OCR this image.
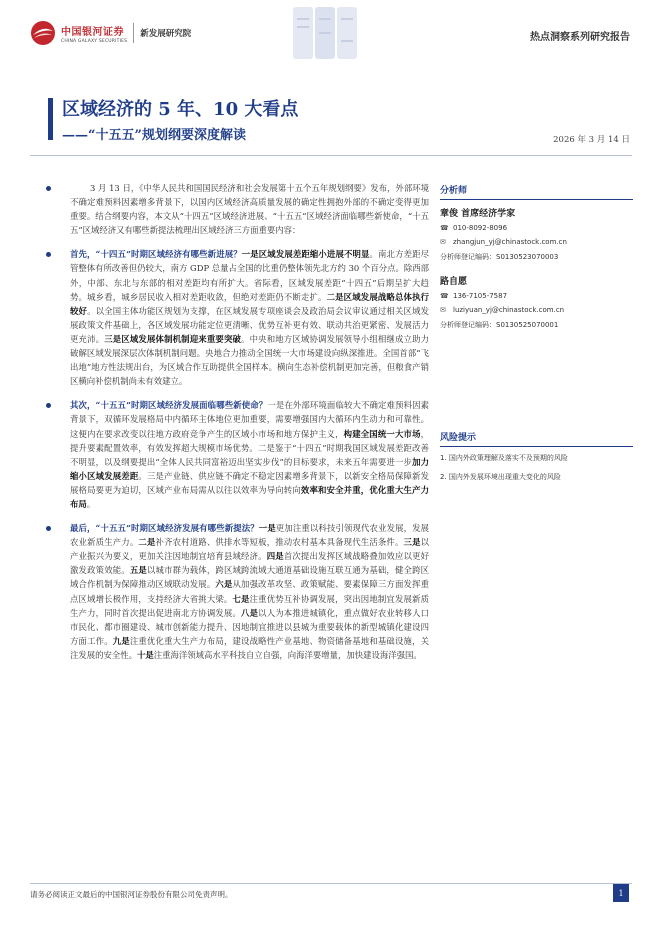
中国银河证券
CHINA GALAXY SECURITIES
新发展研究院	热点洞察系列研究报告
区域经济的 5 年、10 大看点
——“十五五”规划纲要深度解读	2026 年 3 月 14 日

3 月 13 日，《中华人民共和国国民经济和社会发展第十五个五年规划纲要》发布，外部环境不确定难预料因素增多背景下，以国内区域经济高质量发展的确定性拥抱外部的不确定变得更加重要。结合纲要内容，本文从“十四五”区域经济进展、“十五五”区域经济面临哪些新使命，“十五五”区域经济又有哪些新提法梳理出区域经济三方面重要内容：

首先，“十四五”时期区域经济有哪些新进展？一是区域发展差距缩小进展不明显。南北方差距尽管整体有所改善但仍较大，南方 GDP 总量占全国的比重仍整体领先北方约 30 个百分点。除西部外，中部、东北与东部的相对差距均有所扩大。省际看，区域发展差距“十四五”后期呈扩大趋势。城乡看，城乡居民收入相对差距收敛，但绝对差距仍不断走扩。二是区域发展战略总体执行较好。以全国主体功能区规划为支撑，在区域发展专项座谈会及政治局会议审议通过相关区域发展政策文件基础上，各区域发展功能定位更清晰、优势互补更有效、联动共治更紧密、发展活力更充沛。三是区域发展体制机制迎来重要突破。中央和地方区域协调发展领导小组相继成立助力破解区域发展深层次体制机制问题。央地合力推动全国统一大市场建设向纵深推进。全国首部“飞出地”地方性法规出台，为区域合作互助提供全国样本。横向生态补偿机制更加完善，但粮食产销区横向补偿机制尚未有效建立。

其次，“十五五”时期区域经济发展面临哪些新使命？一是在外部环境面临较大不确定难预料因素背景下，双循环发展格局中内循环主体地位更加重要，需要增强国内大循环内生动力和可靠性。这便内在要求改变以往地方政府竞争产生的区域小市场和地方保护主义，构建全国统一大市场，提升要素配置效率，有效发挥超大规模市场优势。二是鉴于“十四五”时期我国区域发展差距改善不明显，以及纲要提出“全体人民共同富裕迈出坚实步伐”的目标要求，未来五年需要进一步加力缩小区域发展差距。三是产业链、供应链不确定不稳定因素增多背景下，以新安全格局保障新发展格局要更为迫切，区域产业布局需从以往以效率为导向转向效率和安全并重，优化重大生产力布局。

最后，“十五五”时期区域经济发展有哪些新提法？一是更加注重以科技引领现代农业发展，发展农业新质生产力。二是补齐农村道路、供排水等短板，推动农村基本具备现代生活条件。三是以产业振兴为要义，更加关注因地制宜培育县域经济。四是首次提出发挥区域战略叠加效应以更好激发政策效能。五是以城市群为载体，跨区域跨流域大通道基础设施互联互通为基础，健全跨区域合作机制为保障推动区域联动发展。六是从加强改革攻坚、政策赋能、要素保障三方面发挥重点区域增长极作用，支持经济大省挑大梁。七是注重优势互补协调发展，突出因地制宜发展新质生产力，同时首次提出促进南北方协调发展。八是以人为本推进城镇化，重点做好农业转移人口市民化、都市圈建设、城市创新能力提升、因地制宜推进以县城为重要载体的新型城镇化建设四方面工作。九是注重优化重大生产力布局，建设战略性产业基地、物资储备基地和基础设施，关注发展的安全性。十是注重海洋领域高水平科技自立自强，向海洋要增量，加快建设海洋强国。

分析师
章俊 首席经济学家
☎ 010-8092-8096
✉	zhangjun_yj@chinastock.com.cn
分析师登记编码：S0130523070003
路自愿
☎ 136-7105-7587
✉	luziyuan_yj@chinastock.com.cn
分析师登记编码：S0130525070001
风险提示
1. 国内外政策理解及落实不及预期的风险
2. 国内外发展环境出现重大变化的风险
请务必阅读正文最后的中国银河证券股份有限公司免责声明。	1
